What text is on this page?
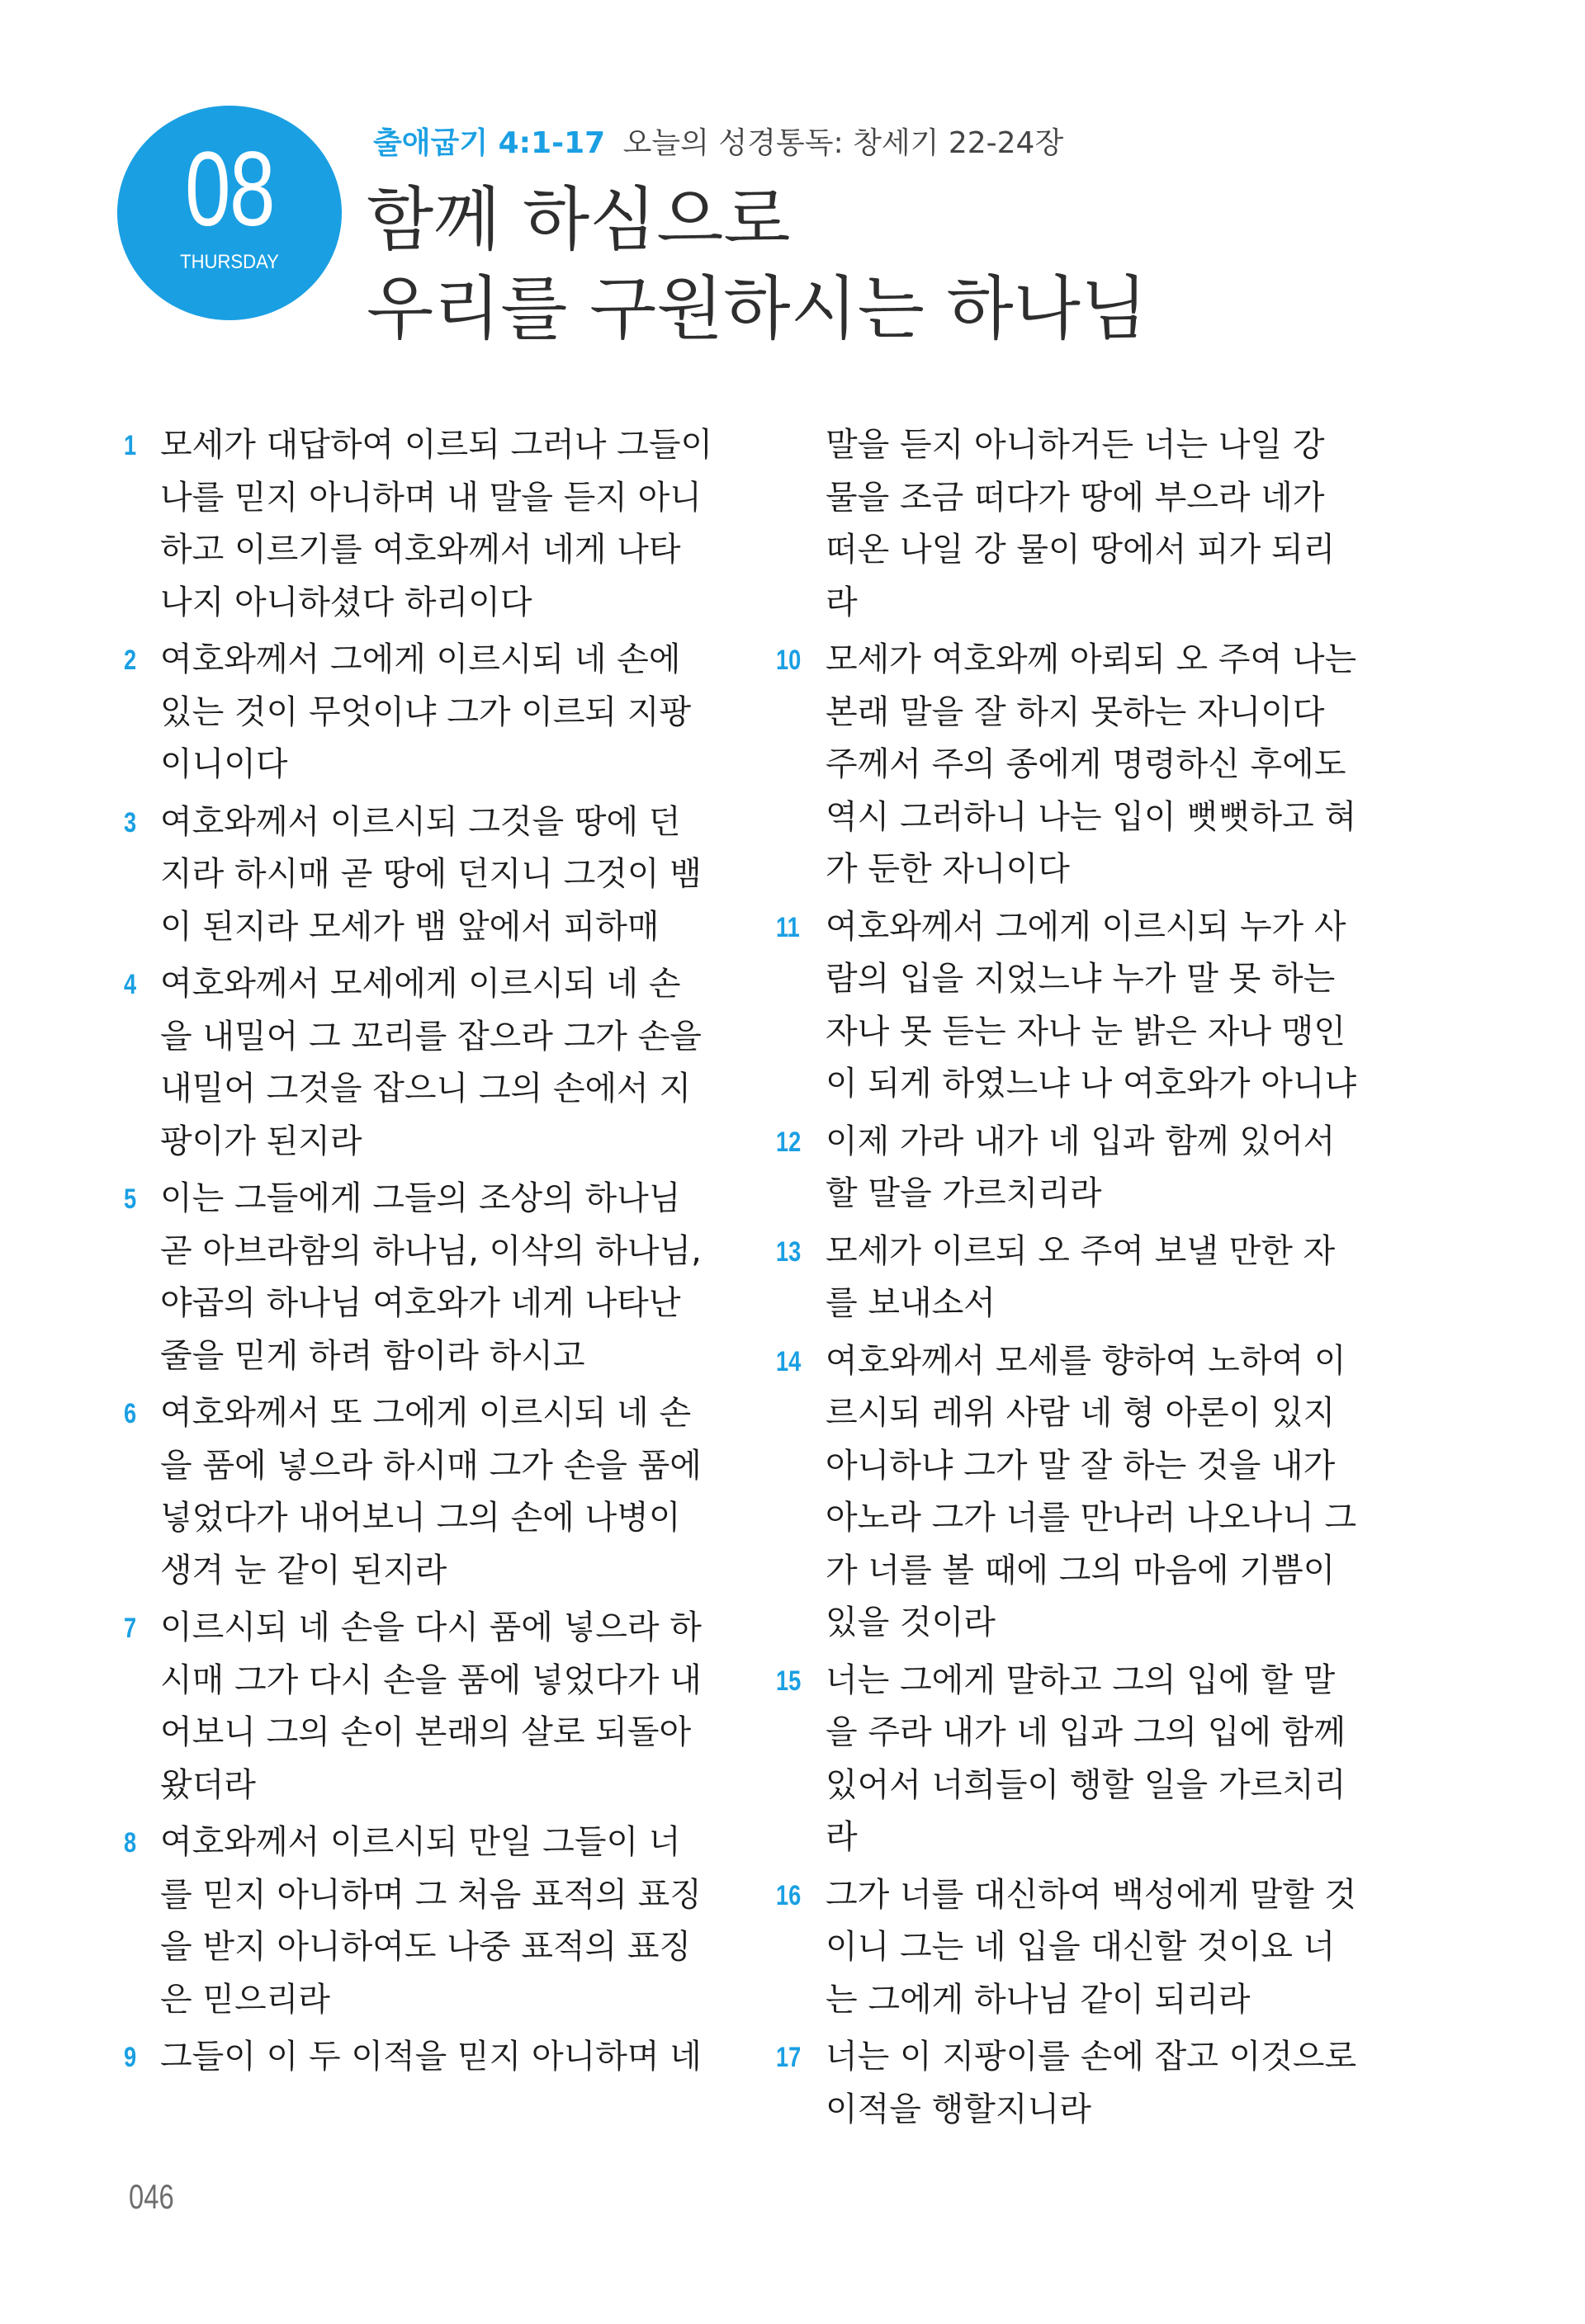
08
THURSDAY
출애굽기 4:1-17 오늘의 성경통독: 창세기 22-24장
함께 하심으로
우리를 구원하시는 하나님
1 모세가 대답하여 이르되 그러나 그들이
나를 믿지 아니하며 내 말을 듣지 아니
하고 이르기를 여호와께서 네게 나타
나지 아니하셨다 하리이다
2 여호와께서 그에게 이르시되 네 손에
있는 것이 무엇이냐 그가 이르되 지팡
이니이다
3 여호와께서 이르시되 그것을 땅에 던
지라 하시매 곧 땅에 던지니 그것이 뱀
이 된지라 모세가 뱀 앞에서 피하매
4 여호와께서 모세에게 이르시되 네 손
을 내밀어 그 꼬리를 잡으라 그가 손을
내밀어 그것을 잡으니 그의 손에서 지
팡이가 된지라
5 이는 그들에게 그들의 조상의 하나님
곧 아브라함의 하나님, 이삭의 하나님,
야곱의 하나님 여호와가 네게 나타난
줄을 믿게 하려 함이라 하시고
6 여호와께서 또 그에게 이르시되 네 손
을 품에 넣으라 하시매 그가 손을 품에
넣었다가 내어보니 그의 손에 나병이
생겨 눈 같이 된지라
7 이르시되 네 손을 다시 품에 넣으라 하
시매 그가 다시 손을 품에 넣었다가 내
어보니 그의 손이 본래의 살로 되돌아
왔더라
8 여호와께서 이르시되 만일 그들이 너
를 믿지 아니하며 그 처음 표적의 표징
을 받지 아니하여도 나중 표적의 표징
은 믿으리라
9 그들이 이 두 이적을 믿지 아니하며 네
말을 듣지 아니하거든 너는 나일 강
물을 조금 떠다가 땅에 부으라 네가
떠온 나일 강 물이 땅에서 피가 되리
라
10 모세가 여호와께 아뢰되 오 주여 나는
본래 말을 잘 하지 못하는 자니이다
주께서 주의 종에게 명령하신 후에도
역시 그러하니 나는 입이 뻣뻣하고 혀
가 둔한 자니이다
11 여호와께서 그에게 이르시되 누가 사
람의 입을 지었느냐 누가 말 못 하는
자나 못 듣는 자나 눈 밝은 자나 맹인
이 되게 하였느냐 나 여호와가 아니냐
12 이제 가라 내가 네 입과 함께 있어서
할 말을 가르치리라
13 모세가 이르되 오 주여 보낼 만한 자
를 보내소서
14 여호와께서 모세를 향하여 노하여 이
르시되 레위 사람 네 형 아론이 있지
아니하냐 그가 말 잘 하는 것을 내가
아노라 그가 너를 만나러 나오나니 그
가 너를 볼 때에 그의 마음에 기쁨이
있을 것이라
15 너는 그에게 말하고 그의 입에 할 말
을 주라 내가 네 입과 그의 입에 함께
있어서 너희들이 행할 일을 가르치리
라
16 그가 너를 대신하여 백성에게 말할 것
이니 그는 네 입을 대신할 것이요 너
는 그에게 하나님 같이 되리라
17 너는 이 지팡이를 손에 잡고 이것으로
이적을 행할지니라
046
